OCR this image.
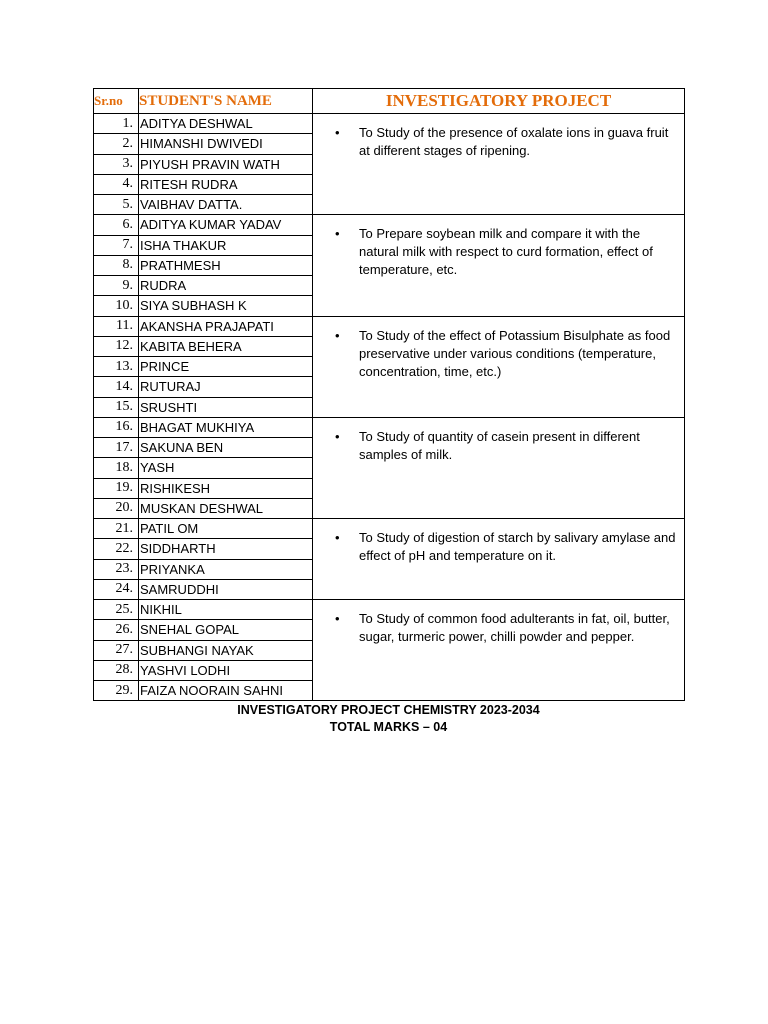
Sr.no	STUDENT'S NAME	INVESTIGATORY PROJECT
1.	ADITYA DESHWAL	• To Study of the presence of oxalate ions in guava fruit at different stages of ripening.

2.	HIMANSHI DWIVEDI	
3.	PIYUSH PRAVIN WATH	
4.	RITESH RUDRA	
5.	VAIBHAV DATTA.	
6.	ADITYA KUMAR YADAV	• To Prepare soybean milk and compare it with the natural milk with respect to curd formation, effect of temperature, etc.

7.	ISHA THAKUR	
8.	PRATHMESH	
9.	RUDRA	
10.	SIYA SUBHASH K	
11.	AKANSHA PRAJAPATI	• To Study of the effect of Potassium Bisulphate as food preservative under various conditions (temperature, concentration, time, etc.)

12.	KABITA BEHERA	
13.	PRINCE	
14.	RUTURAJ	
15.	SRUSHTI	
16.	BHAGAT MUKHIYA	• To Study of quantity of casein present in different samples of milk.

17.	SAKUNA BEN	
18.	YASH	
19.	RISHIKESH	
20.	MUSKAN DESHWAL	
21.	PATIL OM	• To Study of digestion of starch by salivary amylase and effect of pH and temperature on it.

22.	SIDDHARTH	
23.	PRIYANKA	
24.	SAMRUDDHI	
25.	NIKHIL	• To Study of common food adulterants in fat, oil, butter, sugar, turmeric power, chilli powder and pepper.

26.	SNEHAL GOPAL	
27.	SUBHANGI NAYAK	
28.	YASHVI LODHI	
29.	FAIZA NOORAIN SAHNI	
INVESTIGATORY PROJECT CHEMISTRY 2023-2034
TOTAL MARKS – 04
